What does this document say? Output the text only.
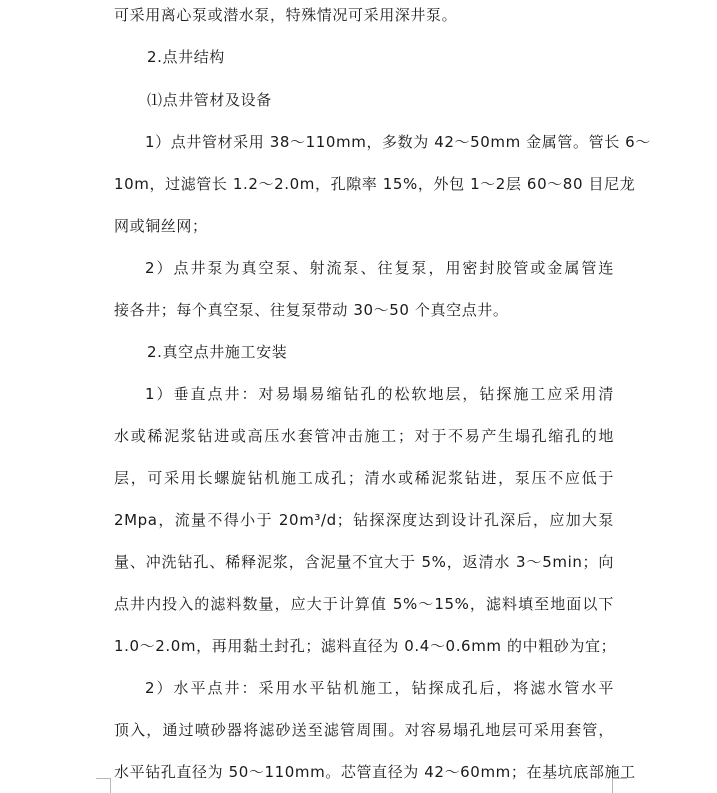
可采用离心泵或潜水泵，特殊情况可采用深井泵。
2.点井结构
⑴点井管材及设备
1）点井管材采用 38～110mm，多数为 42～50mm 金属管。管长 6～
10m，过滤管长 1.2～2.0m，孔隙率 15%，外包 1～2层 60～80 目尼龙
网或铜丝网；
2）点井泵为真空泵、射流泵、往复泵，用密封胶管或金属管连
接各井；每个真空泵、往复泵带动 30～50 个真空点井。
2.真空点井施工安装
1）垂直点井：对易塌易缩钻孔的松软地层，钻探施工应采用清
水或稀泥浆钻进或高压水套管冲击施工；对于不易产生塌孔缩孔的地
层，可采用长螺旋钻机施工成孔；清水或稀泥浆钻进，泵压不应低于
2Mpa，流量不得小于 20m³/d；钻探深度达到设计孔深后，应加大泵
量、冲洗钻孔、稀释泥浆，含泥量不宜大于 5%，返清水 3～5min；向
点井内投入的滤料数量，应大于计算值 5%～15%，滤料填至地面以下
1.0～2.0m，再用黏土封孔；滤料直径为 0.4～0.6mm 的中粗砂为宜；
2）水平点井：采用水平钻机施工，钻探成孔后，将滤水管水平
顶入，通过喷砂器将滤砂送至滤管周围。对容易塌孔地层可采用套管，
水平钻孔直径为 50～110mm。芯管直径为 42～60mm；在基坑底部施工
